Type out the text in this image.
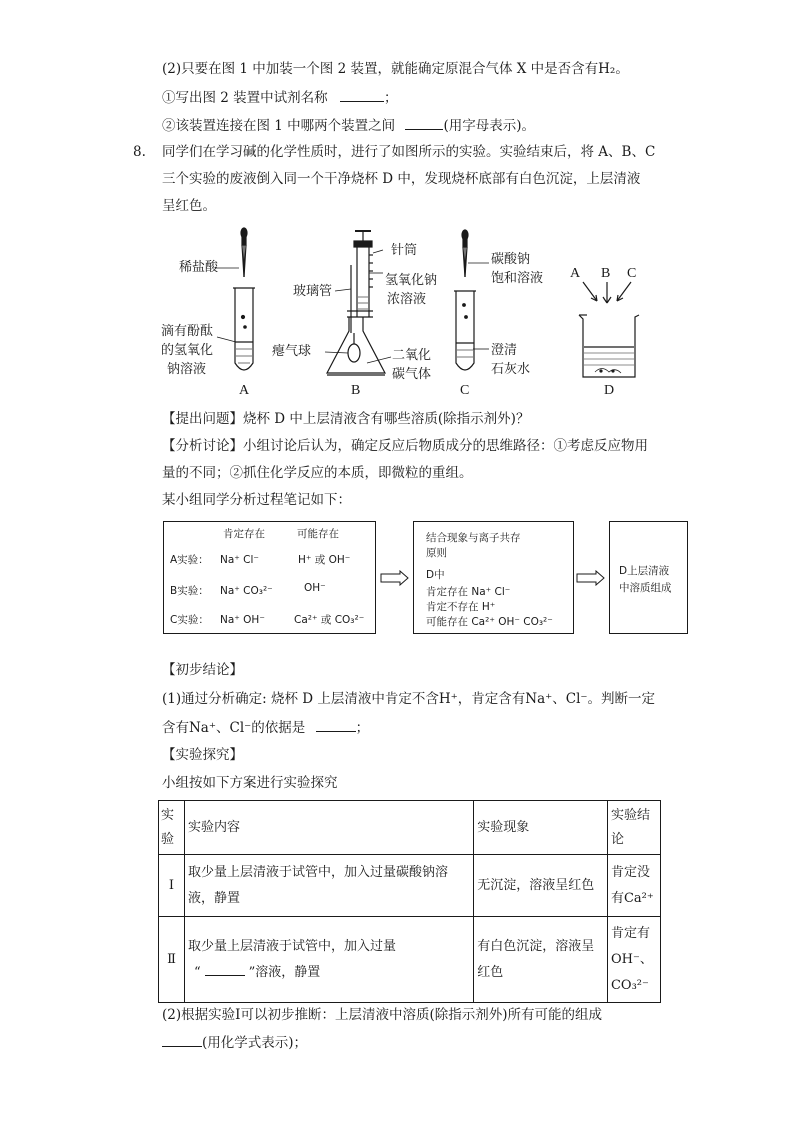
(2)只要在图 1 中加装一个图 2 装置，就能确定原混合气体 X 中是否含有H₂。
①写出图 2 装置中试剂名称	；
②该装置连接在图 1 中哪两个装置之间	(用字母表示)。
8. 同学们在学习碱的化学性质时，进行了如图所示的实验。实验结束后，将 A、B、C
三个实验的废液倒入同一个干净烧杯 D 中，发现烧杯底部有白色沉淀，上层清液
呈红色。
稀盐酸
滴有酚酞
的氢氧化
钠溶液
A
针筒
氢氧化钠
浓溶液
玻璃管
瘪气球	二氧化
碳气体
B
碳酸钠
饱和溶液
澄清
石灰水
C
A B C
D
【提出问题】烧杯 D 中上层清液含有哪些溶质(除指示剂外)？
【分析讨论】小组讨论后认为，确定反应后物质成分的思维路径：①考虑反应物用
量的不同；②抓住化学反应的本质，即微粒的重组。
某小组同学分析过程笔记如下：
肯定存在	可能存在
A实验： Na⁺ Cl⁻	H⁺ 或 OH⁻
B实验： Na⁺ CO₃²⁻	OH⁻
C实验： Na⁺ OH⁻	Ca²⁺ 或 CO₃²⁻
结合现象与离子共存
原则
D中
肯定存在 Na⁺ Cl⁻
肯定不存在 H⁺
可能存在 Ca²⁺ OH⁻ CO₃²⁻
D上层清液
中溶质组成
【初步结论】
(1)通过分析确定: 烧杯 D 上层清液中肯定不含H⁺，肯定含有Na⁺、Cl⁻。判断一定
含有Na⁺、Cl⁻的依据是	；
【实验探究】
小组按如下方案进行实验探究
实验	实验内容	实验现象	实验结论
Ⅰ	取少量上层清液于试管中，加入过量碳酸钠溶液，静置	无沉淀，溶液呈红色	肯定没有Ca²⁺
Ⅱ	取少量上层清液于试管中，加入过量
“ ”溶液，静置	有白色沉淀，溶液呈红色	肯定有OH⁻、CO₃²⁻
(2)根据实验Ⅰ可以初步推断：上层清液中溶质(除指示剂外)所有可能的组成
(用化学式表示)；
